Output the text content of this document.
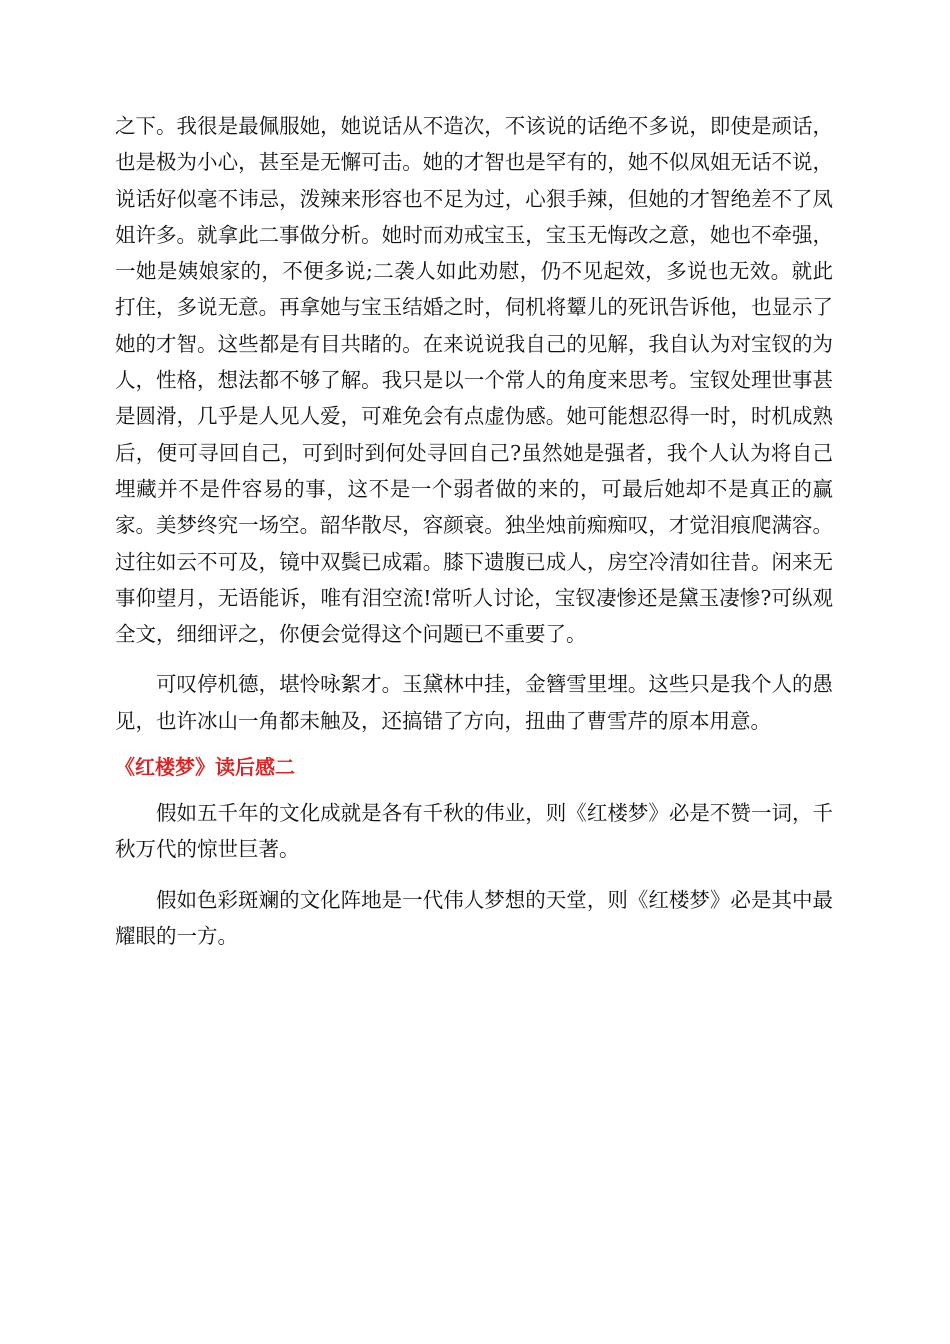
之下。我很是最佩服她，她说话从不造次，不该说的话绝不多说，即使是顽话，也是极为小心，甚至是无懈可击。她的才智也是罕有的，她不似凤姐无话不说，说话好似毫不讳忌，泼辣来形容也不足为过，心狠手辣，但她的才智绝差不了凤姐许多。就拿此二事做分析。她时而劝戒宝玉，宝玉无悔改之意，她也不牵强，一她是姨娘家的，不便多说;二袭人如此劝慰，仍不见起效，多说也无效。就此打住，多说无意。再拿她与宝玉结婚之时，伺机将颦儿的死讯告诉他，也显示了她的才智。这些都是有目共睹的。在来说说我自己的见解，我自认为对宝钗的为人，性格，想法都不够了解。我只是以一个常人的角度来思考。宝钗处理世事甚是圆滑，几乎是人见人爱，可难免会有点虚伪感。她可能想忍得一时，时机成熟后，便可寻回自己，可到时到何处寻回自己?虽然她是强者，我个人认为将自己埋藏并不是件容易的事，这不是一个弱者做的来的，可最后她却不是真正的赢家。美梦终究一场空。韶华散尽，容颜衰。独坐烛前痴痴叹，才觉泪痕爬满容。过往如云不可及，镜中双鬓已成霜。膝下遗腹已成人，房空冷清如往昔。闲来无事仰望月，无语能诉，唯有泪空流!常听人讨论，宝钗凄惨还是黛玉凄惨?可纵观全文，细细评之，你便会觉得这个问题已不重要了。

可叹停机德，堪怜咏絮才。玉黛林中挂，金簪雪里埋。这些只是我个人的愚见，也许冰山一角都未触及，还搞错了方向，扭曲了曹雪芹的原本用意。

《红楼梦》读后感二

假如五千年的文化成就是各有千秋的伟业，则《红楼梦》必是不赞一词，千秋万代的惊世巨著。

假如色彩斑斓的文化阵地是一代伟人梦想的天堂，则《红楼梦》必是其中最耀眼的一方。
